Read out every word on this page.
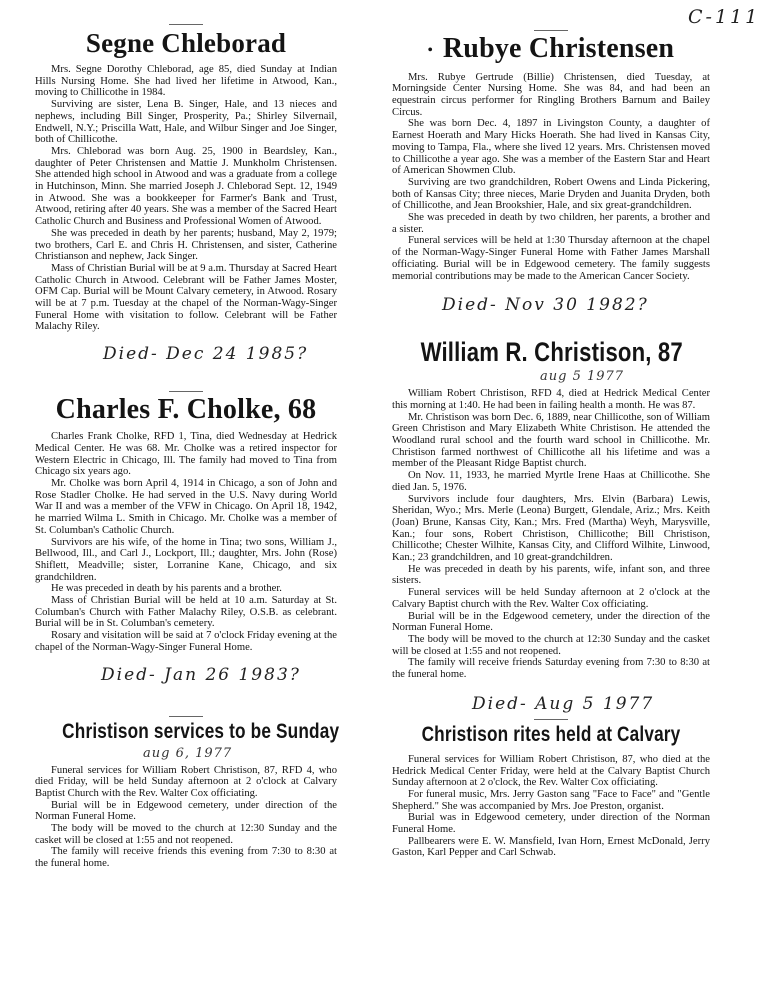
C-111
Segne Chleborad

Mrs. Segne Dorothy Chleborad, age 85, died Sunday at Indian Hills Nursing Home. She had lived her lifetime in Atwood, Kan., moving to Chillicothe in 1984.

Surviving are sister, Lena B. Singer, Hale, and 13 nieces and nephews, including Bill Singer, Prosperity, Pa.; Shirley Silvernail, Endwell, N.Y.; Priscilla Watt, Hale, and Wilbur Singer and Joe Singer, both of Chillicothe.

Mrs. Chleborad was born Aug. 25, 1900 in Beardsley, Kan., daughter of Peter Christensen and Mattie J. Munkholm Christensen. She attended high school in Atwood and was a graduate from a college in Hutchinson, Minn. She married Joseph J. Chleborad Sept. 12, 1949 in Atwood. She was a bookkeeper for Farmer's Bank and Trust, Atwood, retiring after 40 years. She was a member of the Sacred Heart Catholic Church and Business and Professional Women of Atwood.

She was preceded in death by her parents; husband, May 2, 1979; two brothers, Carl E. and Chris H. Christensen, and sister, Catherine Christianson and nephew, Jack Singer.

Mass of Christian Burial will be at 9 a.m. Thursday at Sacred Heart Catholic Church in Atwood. Celebrant will be Father James Moster, OFM Cap. Burial will be Mount Calvary cemetery, in Atwood. Rosary will be at 7 p.m. Tuesday at the chapel of the Norman-Wagy-Singer Funeral Home with visitation to follow. Celebrant will be Father Malachy Riley.

Died- Dec 24 1985?
Charles F. Cholke, 68

Charles Frank Cholke, RFD 1, Tina, died Wednesday at Hedrick Medical Center. He was 68. Mr. Cholke was a retired inspector for Western Electric in Chicago, Ill. The family had moved to Tina from Chicago six years ago.

Mr. Cholke was born April 4, 1914 in Chicago, a son of John and Rose Stadler Cholke. He had served in the U.S. Navy during World War II and was a member of the VFW in Chicago. On April 18, 1942, he married Wilma L. Smith in Chicago. Mr. Cholke was a member of St. Columban's Catholic Church.

Survivors are his wife, of the home in Tina; two sons, William J., Bellwood, Ill., and Carl J., Lockport, Ill.; daughter, Mrs. John (Rose) Shiflett, Meadville; sister, Lorranine Kane, Chicago, and six grandchildren.

He was preceded in death by his parents and a brother.

Mass of Christian Burial will be held at 10 a.m. Saturday at St. Columban's Church with Father Malachy Riley, O.S.B. as celebrant. Burial will be in St. Columban's cemetery.

Rosary and visitation will be said at 7 o'clock Friday evening at the chapel of the Norman-Wagy-Singer Funeral Home.

Died- Jan 26 1983?
Christison services to be Sunday
aug 6, 1977

Funeral services for William Robert Christison, 87, RFD 4, who died Friday, will be held Sunday afternoon at 2 o'clock at Calvary Baptist Church with the Rev. Walter Cox officiating.

Burial will be in Edgewood cemetery, under direction of the Norman Funeral Home.

The body will be moved to the church at 12:30 Sunday and the casket will be closed at 1:55 and not reopened.

The family will receive friends this evening from 7:30 to 8:30 at the funeral home.

• Rubye Christensen

Mrs. Rubye Gertrude (Billie) Christensen, died Tuesday, at Morningside Center Nursing Home. She was 84, and had been an equestrain circus performer for Ringling Brothers Barnum and Bailey Circus.

She was born Dec. 4, 1897 in Livingston County, a daughter of Earnest Hoerath and Mary Hicks Hoerath. She had lived in Kansas City, moving to Tampa, Fla., where she lived 12 years. Mrs. Christensen moved to Chillicothe a year ago. She was a member of the Eastern Star and Heart of American Showmen Club.

Surviving are two grandchildren, Robert Owens and Linda Pickering, both of Kansas City; three nieces, Marie Dryden and Juanita Dryden, both of Chillicothe, and Jean Brookshier, Hale, and six great-grandchildren.

She was preceded in death by two children, her parents, a brother and a sister.

Funeral services will be held at 1:30 Thursday afternoon at the chapel of the Norman-Wagy-Singer Funeral Home with Father James Marshall officiating. Burial will be in Edgewood cemetery. The family suggests memorial contributions may be made to the American Cancer Society.

Died- Nov 30 1982?
William R. Christison, 87
aug 5 1977

William Robert Christison, RFD 4, died at Hedrick Medical Center this morning at 1:40. He had been in failing health a month. He was 87.

Mr. Christison was born Dec. 6, 1889, near Chillicothe, son of William Green Christison and Mary Elizabeth White Christison. He attended the Woodland rural school and the fourth ward school in Chillicothe. Mr. Christison farmed northwest of Chillicothe all his lifetime and was a member of the Pleasant Ridge Baptist church.

On Nov. 11, 1933, he married Myrtle Irene Haas at Chillicothe. She died Jan. 5, 1976.

Survivors include four daughters, Mrs. Elvin (Barbara) Lewis, Sheridan, Wyo.; Mrs. Merle (Leona) Burgett, Glendale, Ariz.; Mrs. Keith (Joan) Brune, Kansas City, Kan.; Mrs. Fred (Martha) Weyh, Marysville, Kan.; four sons, Robert Christison, Chillicothe; Bill Christison, Chillicothe; Chester Wilhite, Kansas City, and Clifford Wilhite, Linwood, Kan.; 23 grandchildren, and 10 great-grandchildren.

He was preceded in death by his parents, wife, infant son, and three sisters.

Funeral services will be held Sunday afternoon at 2 o'clock at the Calvary Baptist church with the Rev. Walter Cox officiating.

Burial will be in the Edgewood cemetery, under the direction of the Norman Funeral Home.

The body will be moved to the church at 12:30 Sunday and the casket will be closed at 1:55 and not reopened.

The family will receive friends Saturday evening from 7:30 to 8:30 at the funeral home.

Died- Aug 5 1977
Christison rites held at Calvary

Funeral services for William Robert Christison, 87, who died at the Hedrick Medical Center Friday, were held at the Calvary Baptist Church Sunday afternoon at 2 o'clock, the Rev. Walter Cox officiating.

For funeral music, Mrs. Jerry Gaston sang "Face to Face" and "Gentle Shepherd." She was accompanied by Mrs. Joe Preston, organist.

Burial was in Edgewood cemetery, under direction of the Norman Funeral Home.

Pallbearers were E. W. Mansfield, Ivan Horn, Ernest McDonald, Jerry Gaston, Karl Pepper and Carl Schwab.
